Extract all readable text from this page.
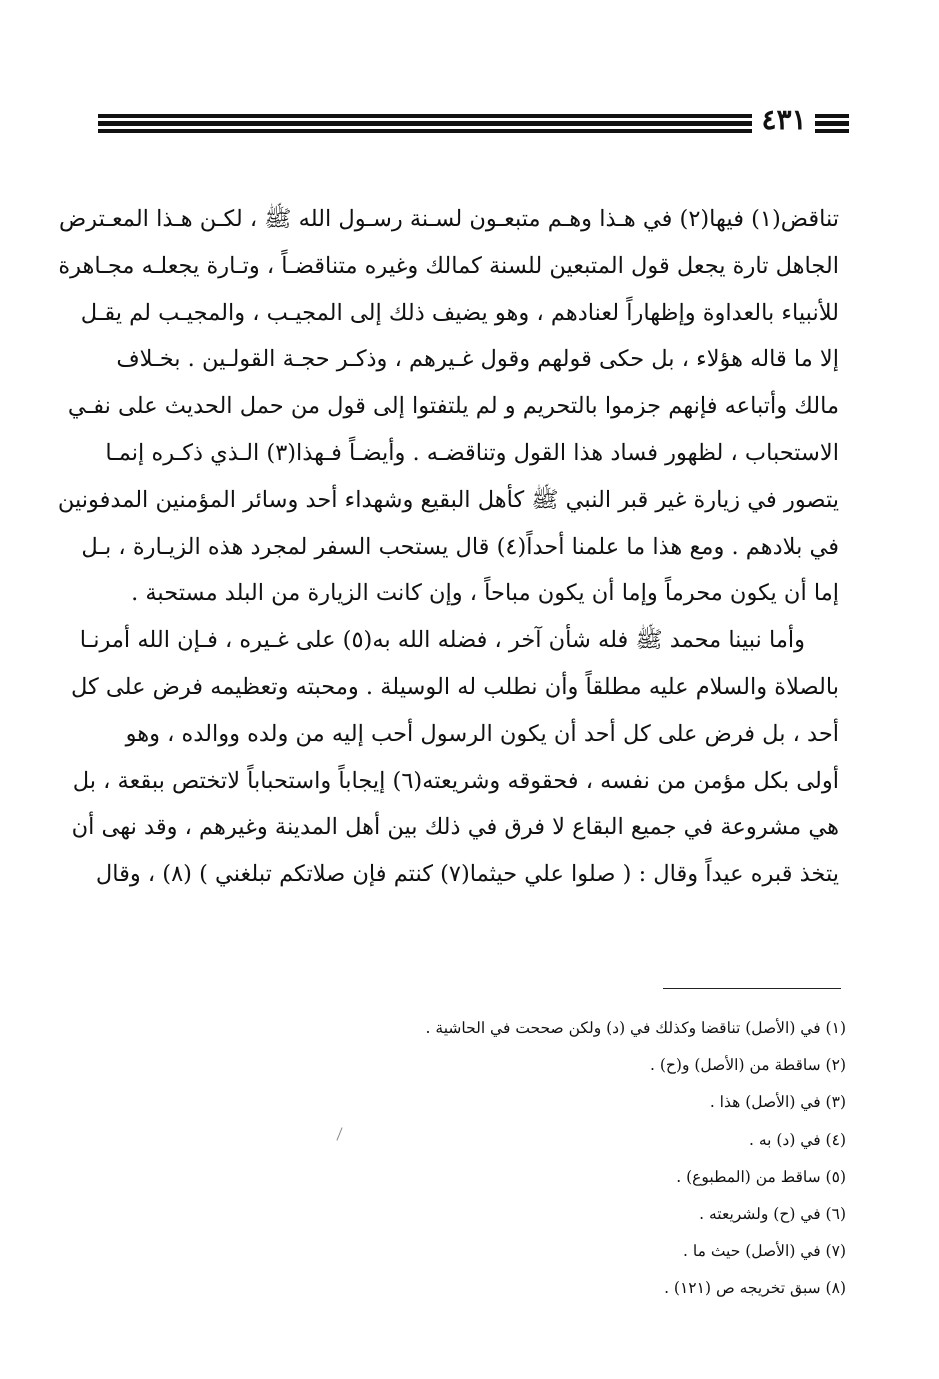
٤٣١
تناقض(١) فيها(٢) في هـذا وهـم متبعـون لسـنة رسـول الله ﷺ ، لكـن هـذا المعـترض
الجاهل تارة يجعل قول المتبعين للسنة كمالك وغيره متناقضـاً ، وتـارة يجعلـه مجـاهرة
للأنبياء بالعداوة وإظهاراً لعنادهم ، وهو يضيف ذلك إلى المجيـب ، والمجيـب لم يقـل
إلا ما قاله هؤلاء ، بل حكى قولهم وقول غـيرهم ، وذكـر حجـة القولـين . بخـلاف
مالك وأتباعه فإنهم جزموا بالتحريم و لم يلتفتوا إلى قول من حمل الحديث على نفـي
الاستحباب ، لظهور فساد هذا القول وتناقضـه . وأيضـاً فـهذا(٣) الـذي ذكـره إنمـا
يتصور في زيارة غير قبر النبي ﷺ كأهل البقيع وشهداء أحد وسائر المؤمنين المدفونين
في بلادهم . ومع هذا ما علمنا أحداً(٤) قال يستحب السفر لمجرد هذه الزيـارة ، بـل
إما أن يكون محرماً وإما أن يكون مباحاً ، وإن كانت الزيارة من البلد مستحبة .
وأما نبينا محمد ﷺ فله شأن آخر ، فضله الله به(٥) على غـيره ، فـإن الله أمرنـا
بالصلاة والسلام عليه مطلقاً وأن نطلب له الوسيلة . ومحبته وتعظيمه فرض على كل
أحد ، بل فرض على كل أحد أن يكون الرسول أحب إليه من ولده ووالده ، وهو
أولى بكل مؤمن من نفسه ، فحقوقه وشريعته(٦) إيجاباً واستحباباً لاتختص ببقعة ، بل
هي مشروعة في جميع البقاع لا فرق في ذلك بين أهل المدينة وغيرهم ، وقد نهى أن
يتخذ قبره عيداً وقال : ( صلوا علي حيثما(٧) كنتم فإن صلاتكم تبلغني ) (٨) ، وقال
(١) في (الأصل) تناقضا وكذلك في (د) ولكن صححت في الحاشية .
(٢) ساقطة من (الأصل) و(ح) .
(٣) في (الأصل) هذا .
(٤) في (د) به .
(٥) ساقط من (المطبوع) .
(٦) في (ح) ولشريعته .
(٧) في (الأصل) حيث ما .
(٨) سبق تخريجه ص (١٢١) .
